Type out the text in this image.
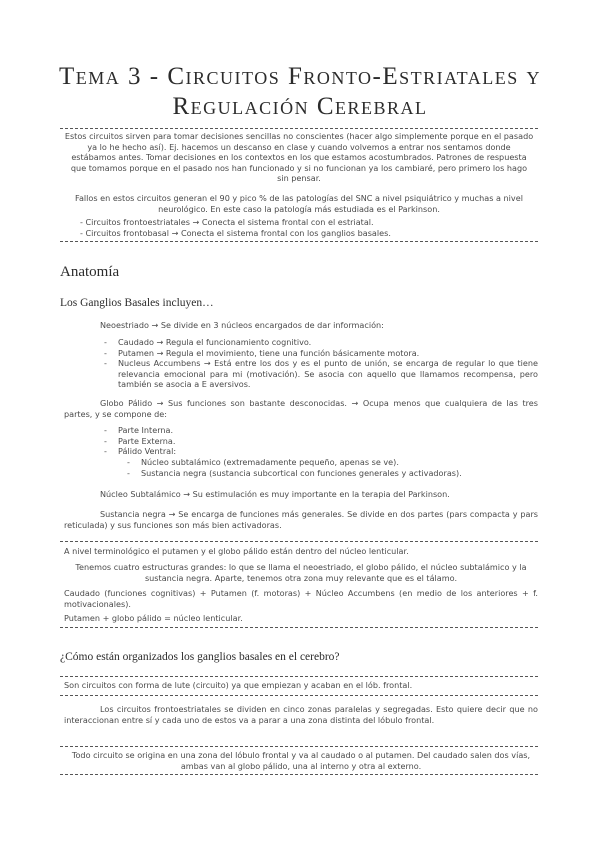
Tema 3 - Circuitos Fronto-Estriatales y
Regulación Cerebral
Estos circuitos sirven para tomar decisiones sencillas no conscientes (hacer algo simplemente porque en el pasado ya lo he hecho así). Ej. hacemos un descanso en clase y cuando volvemos a entrar nos sentamos donde estábamos antes. Tomar decisiones en los contextos en los que estamos acostumbrados. Patrones de respuesta que tomamos porque en el pasado nos han funcionado y si no funcionan ya los cambiaré, pero primero los hago sin pensar.
Fallos en estos circuitos generan el 90 y pico % de las patologías del SNC a nivel psiquiátrico y muchas a nivel neurológico. En este caso la patología más estudiada es el Parkinson.
- Circuitos frontoestriatales → Conecta el sistema frontal con el estriatal.
- Circuitos frontobasal → Conecta el sistema frontal con los ganglios basales.
Anatomía
Los Ganglios Basales incluyen…
Neoestriado → Se divide en 3 núcleos encargados de dar información:
- Caudado → Regula el funcionamiento cognitivo.
- Putamen → Regula el movimiento, tiene una función básicamente motora.
- Nucleus Accumbens → Está entre los dos y es el punto de unión, se encarga de regular lo que tiene relevancia emocional para mi (motivación). Se asocia con aquello que llamamos recompensa, pero también se asocia a E aversivos.
Globo Pálido → Sus funciones son bastante desconocidas. → Ocupa menos que cualquiera de las tres partes, y se compone de:
- Parte Interna.
- Parte Externa.
- Pálido Ventral:
- Núcleo subtalámico (extremadamente pequeño, apenas se ve).
- Sustancia negra (sustancia subcortical con funciones generales y activadoras).
Núcleo Subtalámico → Su estimulación es muy importante en la terapia del Parkinson.
Sustancia negra → Se encarga de funciones más generales. Se divide en dos partes (pars compacta y pars reticulada) y sus funciones son más bien activadoras.
A nivel terminológico el putamen y el globo pálido están dentro del núcleo lenticular.
Tenemos cuatro estructuras grandes: lo que se llama el neoestriado, el globo pálido, el núcleo subtalámico y la sustancia negra. Aparte, tenemos otra zona muy relevante que es el tálamo.
Caudado (funciones cognitivas) + Putamen (f. motoras) + Núcleo Accumbens (en medio de los anteriores + f. motivacionales).
Putamen + globo pálido = núcleo lenticular.
¿Cómo están organizados los ganglios basales en el cerebro?
Son circuitos con forma de lute (circuito) ya que empiezan y acaban en el lób. frontal.
Los circuitos frontoestriatales se dividen en cinco zonas paralelas y segregadas. Esto quiere decir que no interaccionan entre sí y cada uno de estos va a parar a una zona distinta del lóbulo frontal.
Todo circuito se origina en una zona del lóbulo frontal y va al caudado o al putamen. Del caudado salen dos vías, ambas van al globo pálido, una al interno y otra al externo.
